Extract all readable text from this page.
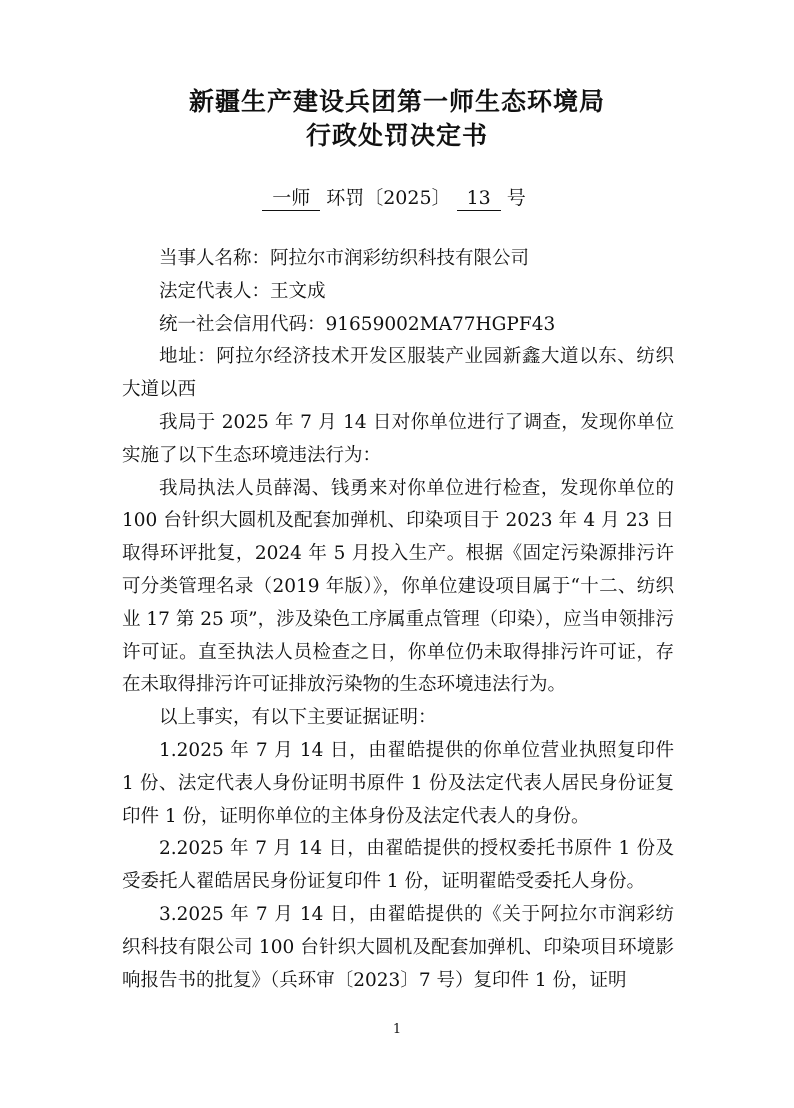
新疆生产建设兵团第一师生态环境局
行政处罚决定书
一师 环罚〔2025〕 13 号

当事人名称：阿拉尔市润彩纺织科技有限公司

法定代表人：王文成

统一社会信用代码：91659002MA77HGPF43

地址：阿拉尔经济技术开发区服装产业园新鑫大道以东、纺织大道以西

我局于 2025 年 7 月 14 日对你单位进行了调查，发现你单位实施了以下生态环境违法行为：

我局执法人员薛渴、钱勇来对你单位进行检查，发现你单位的 100 台针织大圆机及配套加弹机、印染项目于 2023 年 4 月 23 日取得环评批复，2024 年 5 月投入生产。根据《固定污染源排污许可分类管理名录（2019 年版）》，你单位建设项目属于“十二、纺织业 17 第 25 项”，涉及染色工序属重点管理（印染），应当申领排污许可证。直至执法人员检查之日，你单位仍未取得排污许可证，存在未取得排污许可证排放污染物的生态环境违法行为。

以上事实，有以下主要证据证明：

1.2025 年 7 月 14 日，由翟皓提供的你单位营业执照复印件 1 份、法定代表人身份证明书原件 1 份及法定代表人居民身份证复印件 1 份，证明你单位的主体身份及法定代表人的身份。

2.2025 年 7 月 14 日，由翟皓提供的授权委托书原件 1 份及受委托人翟皓居民身份证复印件 1 份，证明翟皓受委托人身份。

3.2025 年 7 月 14 日，由翟皓提供的《关于阿拉尔市润彩纺织科技有限公司 100 台针织大圆机及配套加弹机、印染项目环境影响报告书的批复》（兵环审〔2023〕7 号）复印件 1 份，证明

1
